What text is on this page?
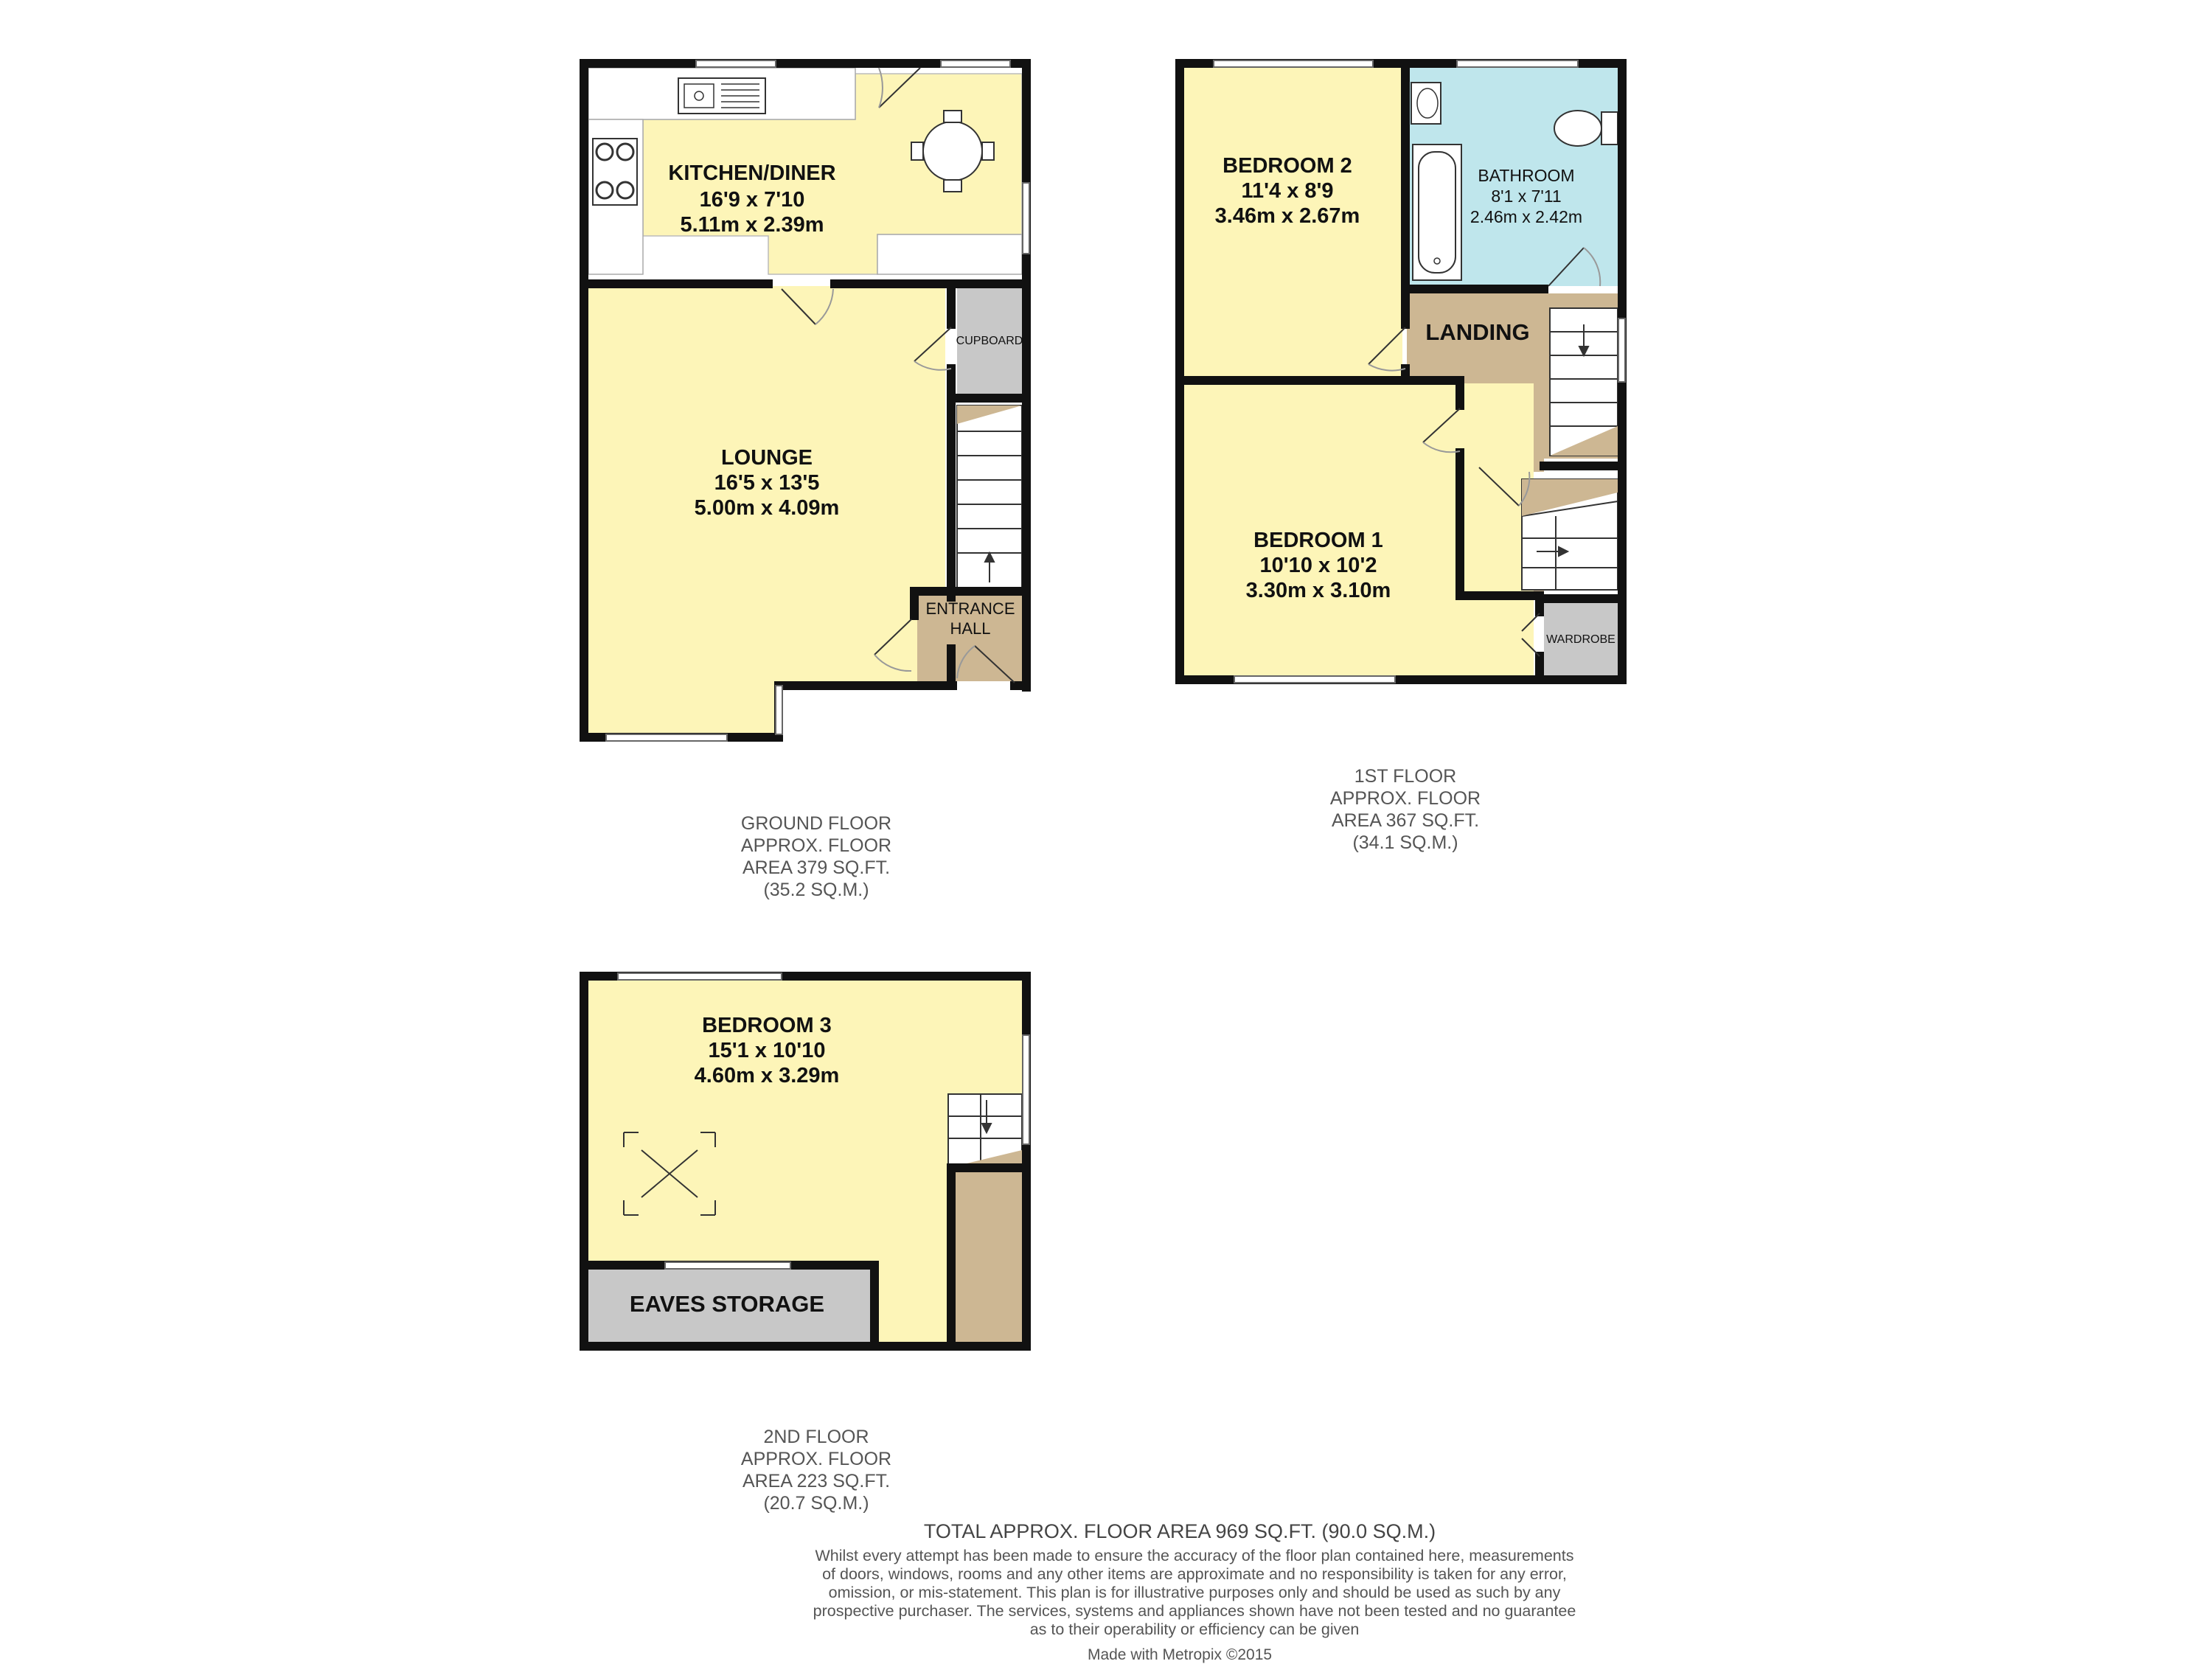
KITCHEN/DINER
16'9 x 7'10
5.11m x 2.39m
LOUNGE
16'5 x 13'5
5.00m x 4.09m
CUPBOARD
ENTRANCE
HALL
BEDROOM 2
11'4 x 8'9
3.46m x 2.67m
BATHROOM
8'1 x 7'11
2.46m x 2.42m
LANDING
BEDROOM 1
10'10 x 10'2
3.30m x 3.10m
WARDROBE
BEDROOM 3
15'1 x 10'10
4.60m x 3.29m
EAVES STORAGE
GROUND FLOOR
APPROX. FLOOR
AREA 379 SQ.FT.
(35.2 SQ.M.)
1ST FLOOR
APPROX. FLOOR
AREA 367 SQ.FT.
(34.1 SQ.M.)
2ND FLOOR
APPROX. FLOOR
AREA 223 SQ.FT.
(20.7 SQ.M.)
TOTAL APPROX. FLOOR AREA 969 SQ.FT. (90.0 SQ.M.)
Whilst every attempt has been made to ensure the accuracy of the floor plan contained here, measurements
of doors, windows, rooms and any other items are approximate and no responsibility is taken for any error,
omission, or mis-statement. This plan is for illustrative purposes only and should be used as such by any
prospective purchaser. The services, systems and appliances shown have not been tested and no guarantee
as to their operability or efficiency can be given
Made with Metropix ©2015
